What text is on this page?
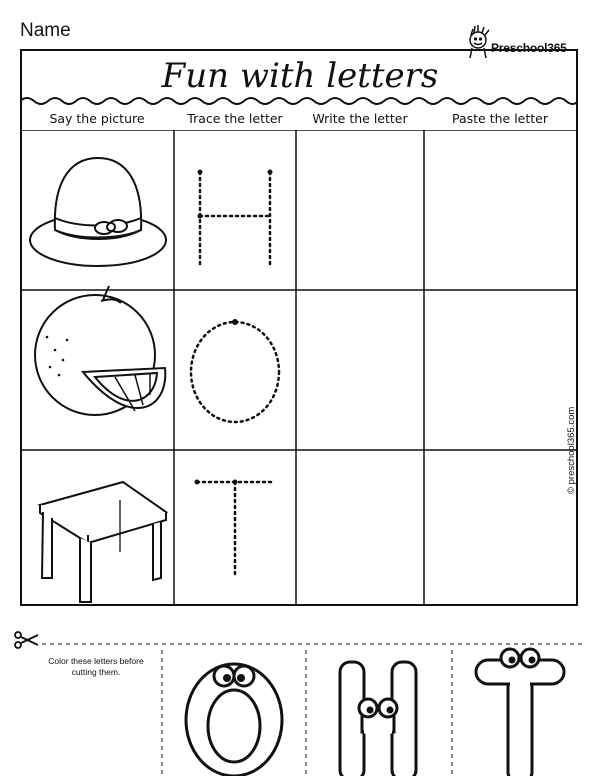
Name
Preschool365
Fun with letters
Say the picture	Trace the letter	Write the letter	Paste the letter
© preschool365.com
Color these letters before cutting them.
